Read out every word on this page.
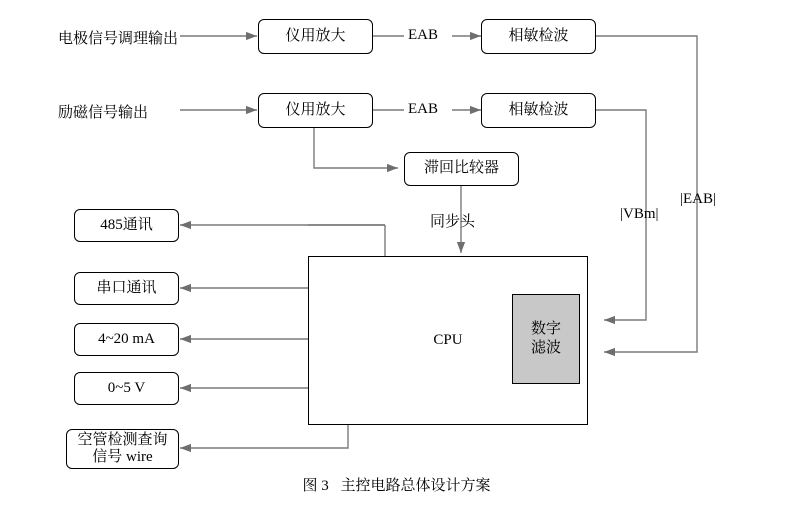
电极信号调理输出
励磁信号输出
仪用放大	EAB	相敏检波
仪用放大	EAB	相敏检波
滞回比较器
同步头	|VBm|
|EAB|
CPU
数字
滤波
485通讯
串口通讯
4~20 mA
0~5 V
空管检测查询
信号 wire
图 3 主控电路总体设计方案
